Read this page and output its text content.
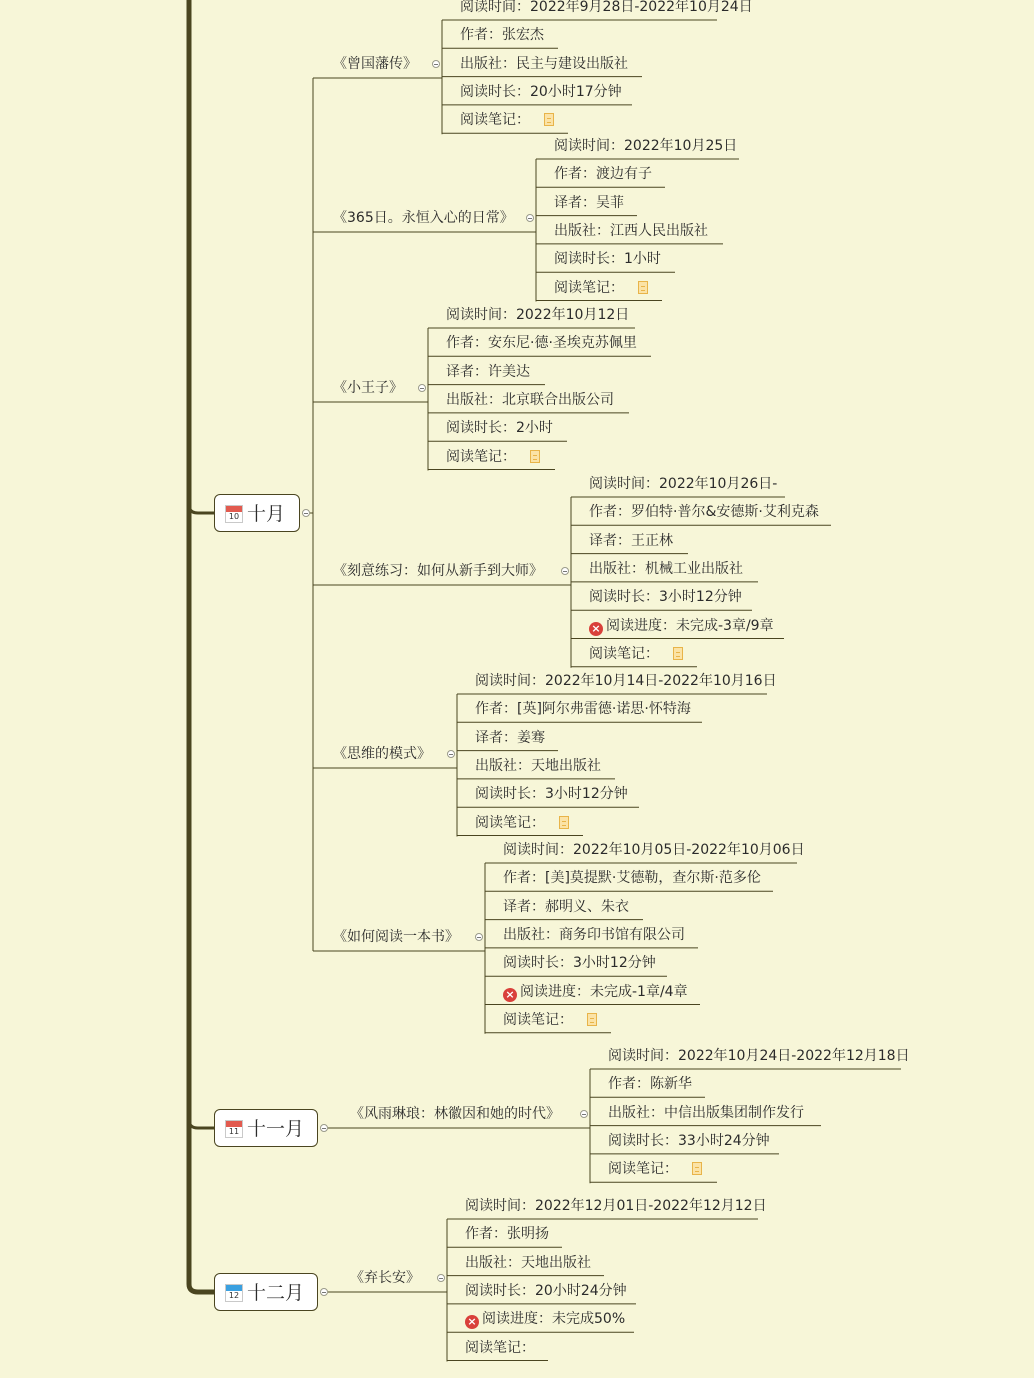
10 十月
《曾国藩传》
阅读时间：2022年9月28日-2022年10月24日
作者：张宏杰
出版社：民主与建设出版社
阅读时长：20小时17分钟
阅读笔记：
《365日。永恒入心的日常》
阅读时间：2022年10月25日
作者：渡边有子
译者：吴菲
出版社：江西人民出版社
阅读时长：1小时
阅读笔记：
《小王子》
阅读时间：2022年10月12日
作者：安东尼·德·圣埃克苏佩里
译者：许美达
出版社：北京联合出版公司
阅读时长：2小时
阅读笔记：
《刻意练习：如何从新手到大师》
阅读时间：2022年10月26日-
作者：罗伯特·普尔&安德斯·艾利克森
译者：王正林
出版社：机械工业出版社
阅读时长：3小时12分钟
× 阅读进度：未完成-3章/9章
阅读笔记：
《思维的模式》
阅读时间：2022年10月14日-2022年10月16日
作者：[英]阿尔弗雷德·诺思·怀特海
译者：姜骞
出版社：天地出版社
阅读时长：3小时12分钟
阅读笔记：
《如何阅读一本书》
阅读时间：2022年10月05日-2022年10月06日
作者：[美]莫提默·艾德勒，查尔斯·范多伦
译者：郝明义、朱衣
出版社：商务印书馆有限公司
阅读时长：3小时12分钟
× 阅读进度：未完成-1章/4章
阅读笔记：
11 十一月
《风雨琳琅：林徽因和她的时代》
阅读时间：2022年10月24日-2022年12月18日
作者：陈新华
出版社：中信出版集团制作发行
阅读时长：33小时24分钟
阅读笔记：
12 十二月
《弃长安》
阅读时间：2022年12月01日-2022年12月12日
作者：张明扬
出版社：天地出版社
阅读时长：20小时24分钟
× 阅读进度：未完成50%
阅读笔记：
